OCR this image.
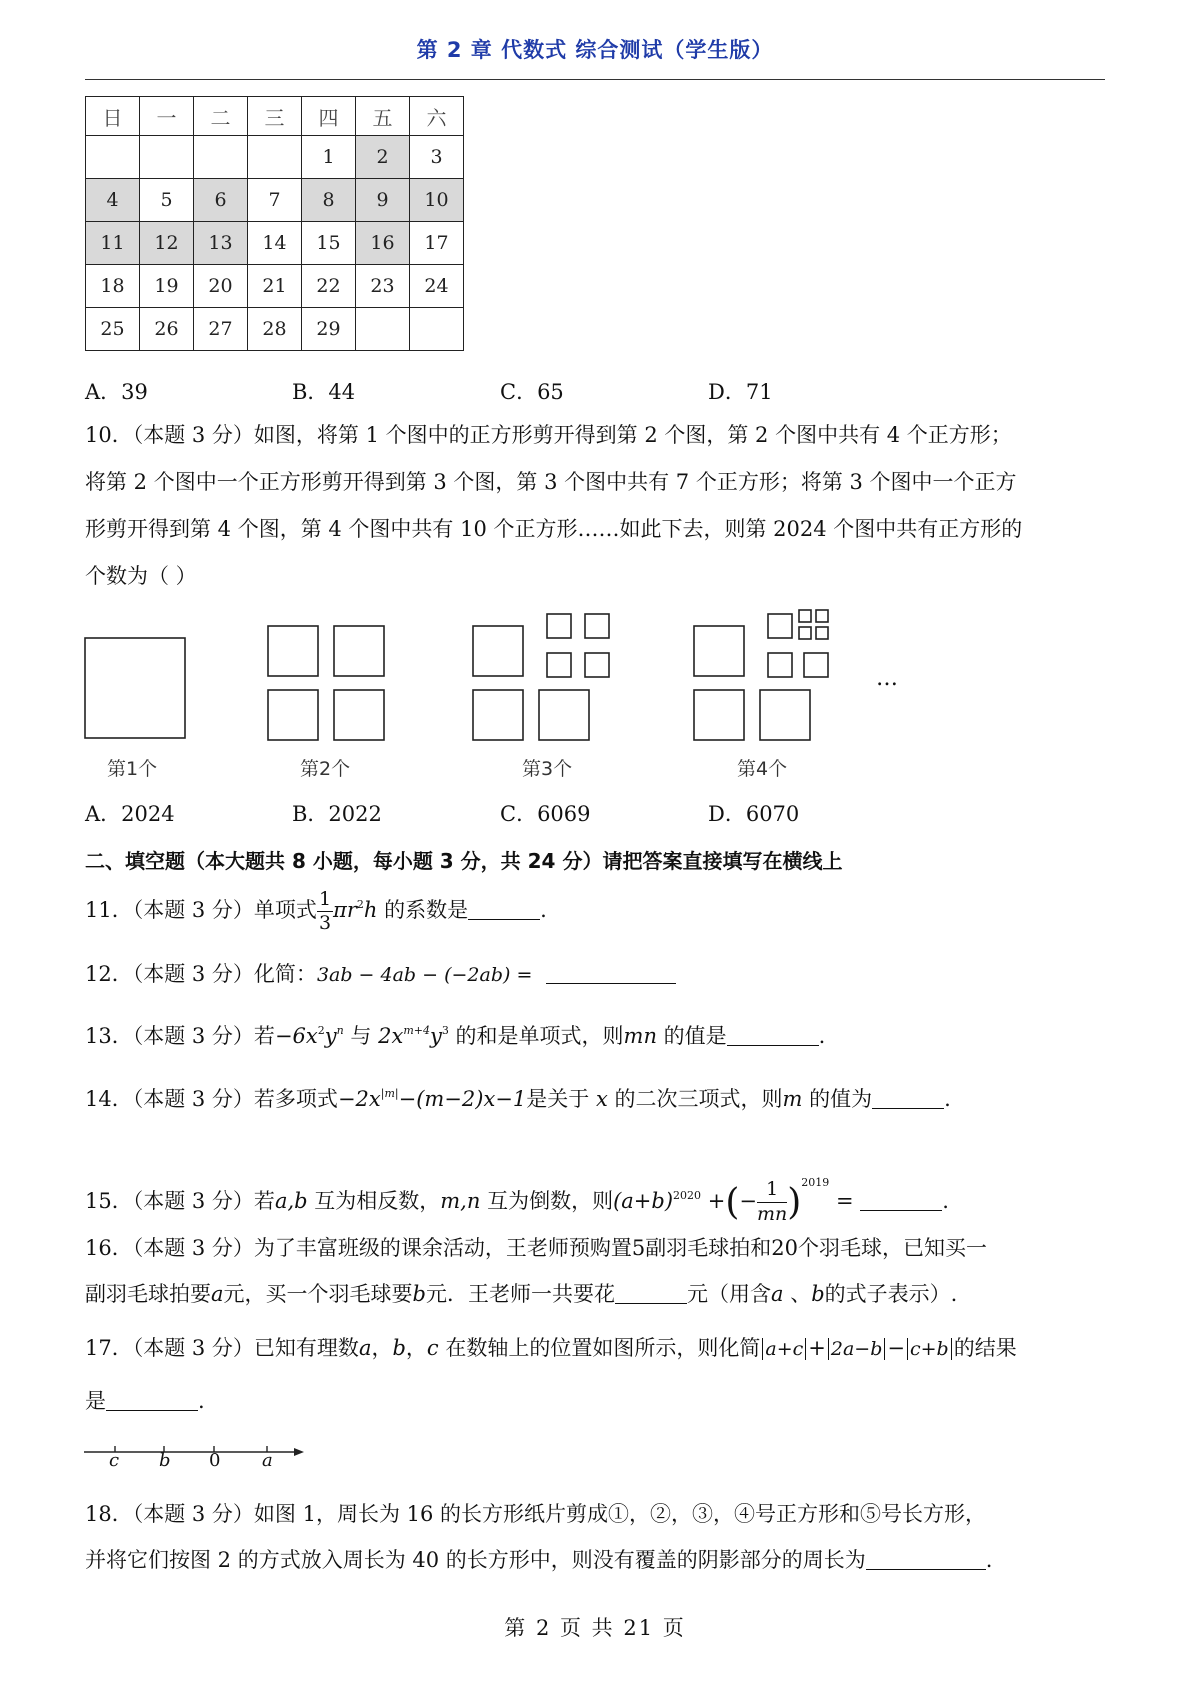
第 2 章 代数式 综合测试（学生版）
日	一	二	三	四	五	六
				1	2	3
4	5	6	7	8	9	10
11	12	13	14	15	16	17
18	19	20	21	22	23	24
25	26	27	28	29		
A．39	B．44	C．65	D．71
10．（本题 3 分）如图，将第 1 个图中的正方形剪开得到第 2 个图，第 2 个图中共有 4 个正方形；
将第 2 个图中一个正方形剪开得到第 3 个图，第 3 个图中共有 7 个正方形；将第 3 个图中一个正方
形剪开得到第 4 个图，第 4 个图中共有 10 个正方形……如此下去，则第 2024 个图中共有正方形的
个数为（ ）
…
第1个	第2个	第3个	第4个
A．2024	B．2022	C．6069	D．6070
二、填空题（本大题共 8 小题，每小题 3 分，共 24 分）请把答案直接填写在横线上
11．（本题 3 分）单项式 $\frac{1}{3} \pi r^2h$ 的系数是	.
12．（本题 3 分）化简：3ab − 4ab − (−2ab) =
13．（本题 3 分）若$-6x^2y^n$ 与 $2x^{m+4}y^3$ 的和是单项式，则mn 的值是	.
14．（本题 3 分）若多项式$-2x^{|m|}-(m-2)x-1$是关于 x 的二次三项式，则m 的值为	.
15．（本题 3 分）若a,b 互为相反数，m,n 互为倒数，则$(a+b)^{2020}$ +(− $\frac{1}{mn} )^{2019}$ =	.
16．（本题 3 分）为了丰富班级的课余活动，王老师预购置5副羽毛球拍和20个羽毛球，已知买一
副羽毛球拍要a元，买一个羽毛球要b元．王老师一共要花	元（用含a 、b的式子表示）.
17．（本题 3 分）已知有理数a，b，c 在数轴上的位置如图所示，则化简 a+c + 2a−b − c+b 的结果
是	.
c b 0 a
18．（本题 3 分）如图 1，周长为 16 的长方形纸片剪成①，②，③，④号正方形和⑤号长方形，
并将它们按图 2 的方式放入周长为 40 的长方形中，则没有覆盖的阴影部分的周长为	.
第 2 页 共 21 页
